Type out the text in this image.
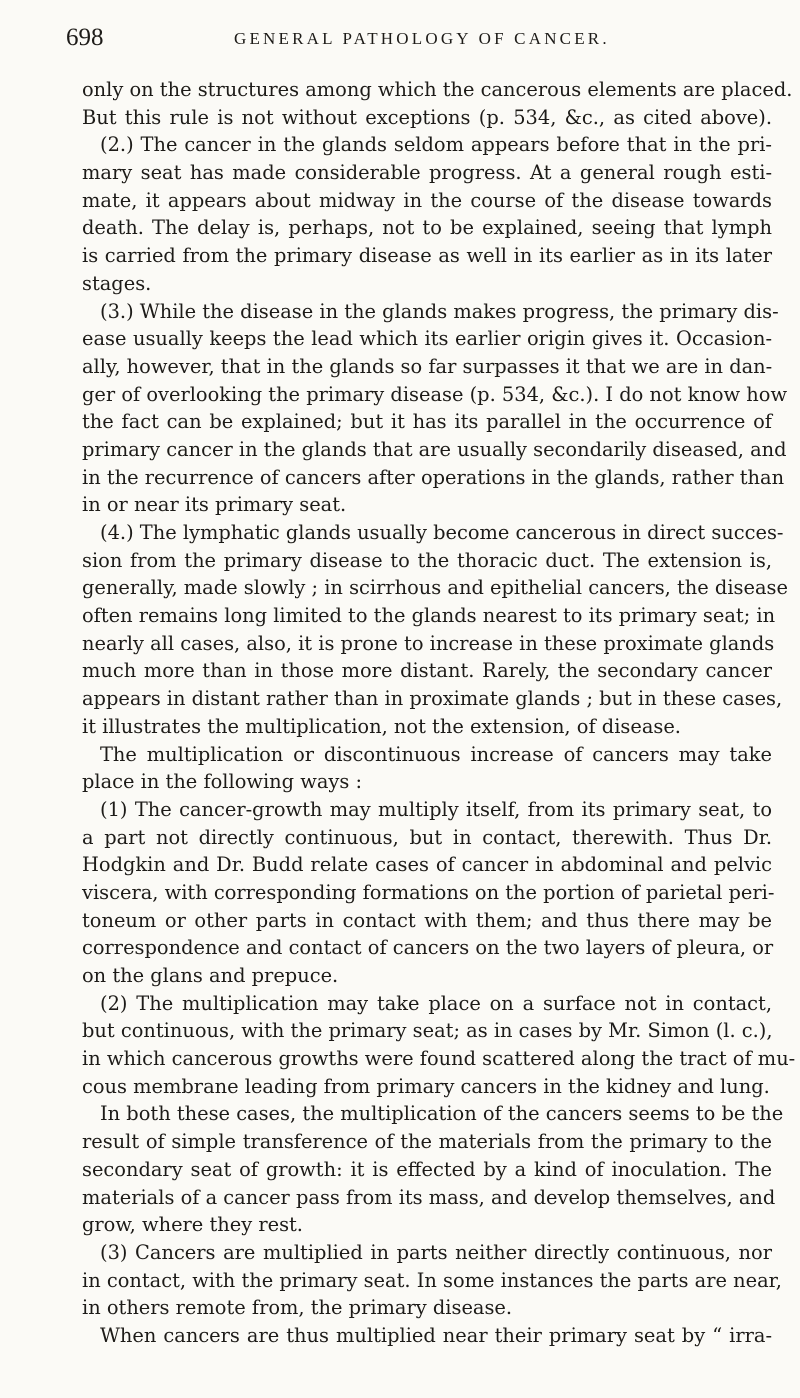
698	GENERAL PATHOLOGY OF CANCER.
only on the structures among which the cancerous elements are placed.
But this rule is not without exceptions (p. 534, &c., as cited above).
(2.) The cancer in the glands seldom appears before that in the pri-
mary seat has made considerable progress. At a general rough esti-
mate, it appears about midway in the course of the disease towards
death. The delay is, perhaps, not to be explained, seeing that lymph
is carried from the primary disease as well in its earlier as in its later
stages.
(3.) While the disease in the glands makes progress, the primary dis-
ease usually keeps the lead which its earlier origin gives it. Occasion-
ally, however, that in the glands so far surpasses it that we are in dan-
ger of overlooking the primary disease (p. 534, &c.). I do not know how
the fact can be explained; but it has its parallel in the occurrence of
primary cancer in the glands that are usually secondarily diseased, and
in the recurrence of cancers after operations in the glands, rather than
in or near its primary seat.
(4.) The lymphatic glands usually become cancerous in direct succes-
sion from the primary disease to the thoracic duct. The extension is,
generally, made slowly ; in scirrhous and epithelial cancers, the disease
often remains long limited to the glands nearest to its primary seat; in
nearly all cases, also, it is prone to increase in these proximate glands
much more than in those more distant. Rarely, the secondary cancer
appears in distant rather than in proximate glands ; but in these cases,
it illustrates the multiplication, not the extension, of disease.
The multiplication or discontinuous increase of cancers may take
place in the following ways :
(1) The cancer-growth may multiply itself, from its primary seat, to
a part not directly continuous, but in contact, therewith. Thus Dr.
Hodgkin and Dr. Budd relate cases of cancer in abdominal and pelvic
viscera, with corresponding formations on the portion of parietal peri-
toneum or other parts in contact with them; and thus there may be
correspondence and contact of cancers on the two layers of pleura, or
on the glans and prepuce.
(2) The multiplication may take place on a surface not in contact,
but continuous, with the primary seat; as in cases by Mr. Simon (l. c.),
in which cancerous growths were found scattered along the tract of mu-
cous membrane leading from primary cancers in the kidney and lung.
In both these cases, the multiplication of the cancers seems to be the
result of simple transference of the materials from the primary to the
secondary seat of growth: it is effected by a kind of inoculation. The
materials of a cancer pass from its mass, and develop themselves, and
grow, where they rest.
(3) Cancers are multiplied in parts neither directly continuous, nor
in contact, with the primary seat. In some instances the parts are near,
in others remote from, the primary disease.
When cancers are thus multiplied near their primary seat by “ irra-
